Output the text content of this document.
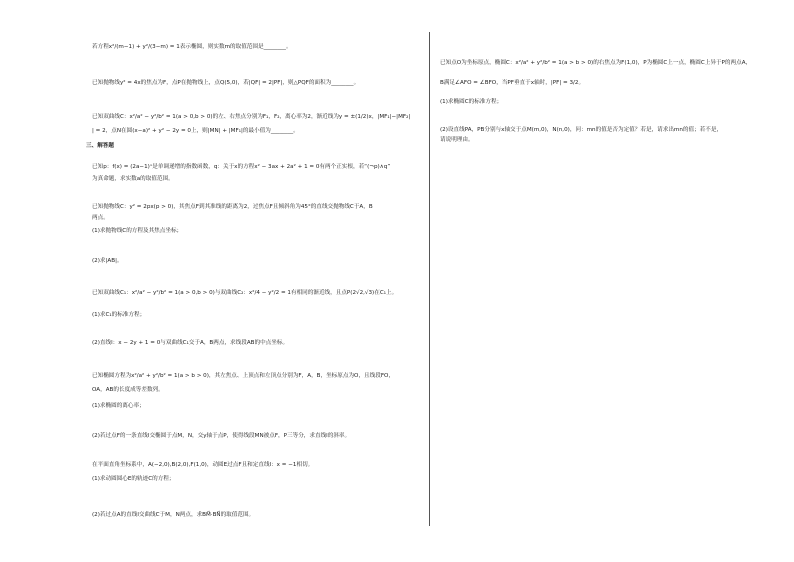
若方程x²/(m−1) + y²/(3−m) = 1表示椭圆，则实数m的取值范围是________。
已知抛物线y² = 4x的焦点为F，点P在抛物线上，点Q(5,0)，若|QF| = 2|PF|，则△PQF的面积为________。
已知双曲线C：x²/a² − y²/b² = 1(a > 0,b > 0)的左、右焦点分别为F₁，F₂，离心率为2，渐近线为y = ±(1/2)x，|MF₁|−|MF₂|
| = 2，点N在圆(x−a)² + y² − 2y = 0上，则|MN| + |MF₁|的最小值为________。
三、解答题
已知p：f(x) = (2a−1)ˣ是单调递增的指数函数，q：关于x的方程x² − 3ax + 2a² + 1 = 0有两个正实根，若“(¬p)∧q”
为真命题，求实数a的取值范围。
已知抛物线C：y² = 2px(p > 0)，其焦点F到其准线的距离为2，过焦点F且倾斜角为45°的直线交抛物线C于A，B
两点。
(1)求抛物线C的方程及其焦点坐标；
(2)求|AB|。
已知双曲线C₁：x²/a² − y²/b² = 1(a > 0,b > 0)与双曲线C₂：x²/4 − y²/2 = 1有相同的渐近线，且点P(2√2,√3)在C₁上。
(1)求C₁的标准方程；
(2)直线l：x − 2y + 1 = 0与双曲线C₁交于A，B两点，求线段AB的中点坐标。
已知椭圆方程为x²/a² + y²/b² = 1(a > b > 0)，其左焦点、上顶点和左顶点分别为F，A，B，坐标原点为O，且线段FO，
OA，AB的长度成等差数列。
(1)求椭圆的离心率；
(2)若过点F的一条直线l交椭圆于点M，N，交y轴于点P，使得线段MN被点F，P三等分，求直线l的斜率。
在平面直角坐标系中，A(−2,0),B(2,0),F(1,0)，动圆E过点F且和定直线l：x = −1相切。
(1)求动圆圆心E的轨迹C的方程；
(2)若过点A的直线l交曲线C于M，N两点，求BM⃗·BN⃗的取值范围。
已知点O为坐标原点，椭圆C：x²/a² + y²/b² = 1(a > b > 0)的右焦点为F(1,0)，P为椭圆C上一点，椭圆C上异于P的两点A，
B满足∠AFO = ∠BFO，当PF垂直于x轴时，|PF| = 3/2。
(1)求椭圆C的标准方程；
(2)设直线PA，PB分别与x轴交于点M(m,0)，N(n,0)，问：mn的值是否为定值？若是，请求出mn的值；若不是，
请说明理由。
